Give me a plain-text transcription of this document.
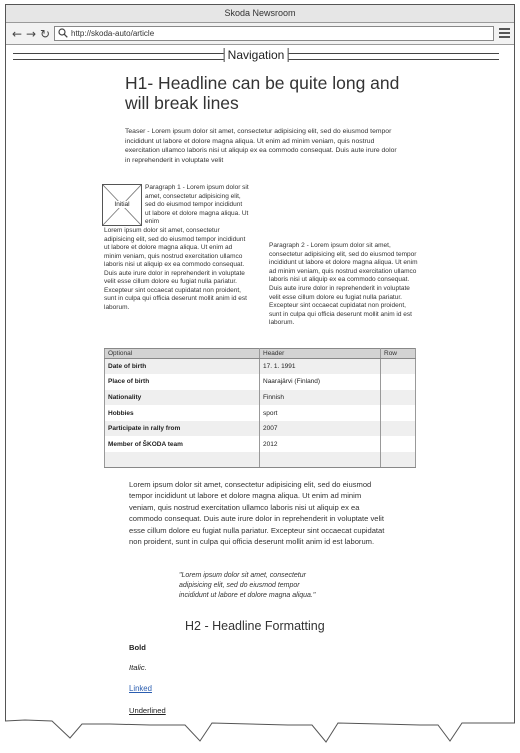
Skoda Newsroom
← → ↻	http://skoda-auto/article
Navigation
H1- Headline can be quite long and will break lines
Teaser - Lorem ipsum dolor sit amet, consectetur adipisicing elit, sed do eiusmod tempor incididunt ut labore et dolore magna aliqua. Ut enim ad minim veniam, quis nostrud exercitation ullamco laboris nisi ut aliquip ex ea commodo consequat. Duis aute irure dolor in reprehenderit in voluptate velit
Initial
Paragraph 1 - Lorem ipsum dolor sit amet, consectetur adipisicing elit, sed do eiusmod tempor incididunt ut labore et dolore magna aliqua. Ut enim
Lorem ipsum dolor sit amet, consectetur adipisicing elit, sed do eiusmod tempor incididunt ut labore et dolore magna aliqua. Ut enim ad minim veniam, quis nostrud exercitation ullamco laboris nisi ut aliquip ex ea commodo consequat. Duis aute irure dolor in reprehenderit in voluptate velit esse cillum dolore eu fugiat nulla pariatur. Excepteur sint occaecat cupidatat non proident, sunt in culpa qui officia deserunt mollit anim id est laborum.
Paragraph 2 - Lorem ipsum dolor sit amet, consectetur adipisicing elit, sed do eiusmod tempor incididunt ut labore et dolore magna aliqua. Ut enim ad minim veniam, quis nostrud exercitation ullamco laboris nisi ut aliquip ex ea commodo consequat. Duis aute irure dolor in reprehenderit in voluptate velit esse cillum dolore eu fugiat nulla pariatur. Excepteur sint occaecat cupidatat non proident, sunt in culpa qui officia deserunt mollit anim id est laborum.
Optional	Header	Row
Date of birth	17. 1. 1991	
Place of birth	Naarajärvi (Finland)	
Nationality	Finnish	
Hobbies	sport	
Participate in rally from	2007	
Member of ŠKODA team	2012	

Lorem ipsum dolor sit amet, consectetur adipisicing elit, sed do eiusmod tempor incididunt ut labore et dolore magna aliqua. Ut enim ad minim veniam, quis nostrud exercitation ullamco laboris nisi ut aliquip ex ea commodo consequat. Duis aute irure dolor in reprehenderit in voluptate velit esse cillum dolore eu fugiat nulla pariatur. Excepteur sint occaecat cupidatat non proident, sunt in culpa qui officia deserunt mollit anim id est laborum.
"Lorem ipsum dolor sit amet, consectetur adipisicing elit, sed do eiusmod tempor incididunt ut labore et dolore magna aliqua."
H2 - Headline Formatting
Bold
Italic.
Linked
Underlined
